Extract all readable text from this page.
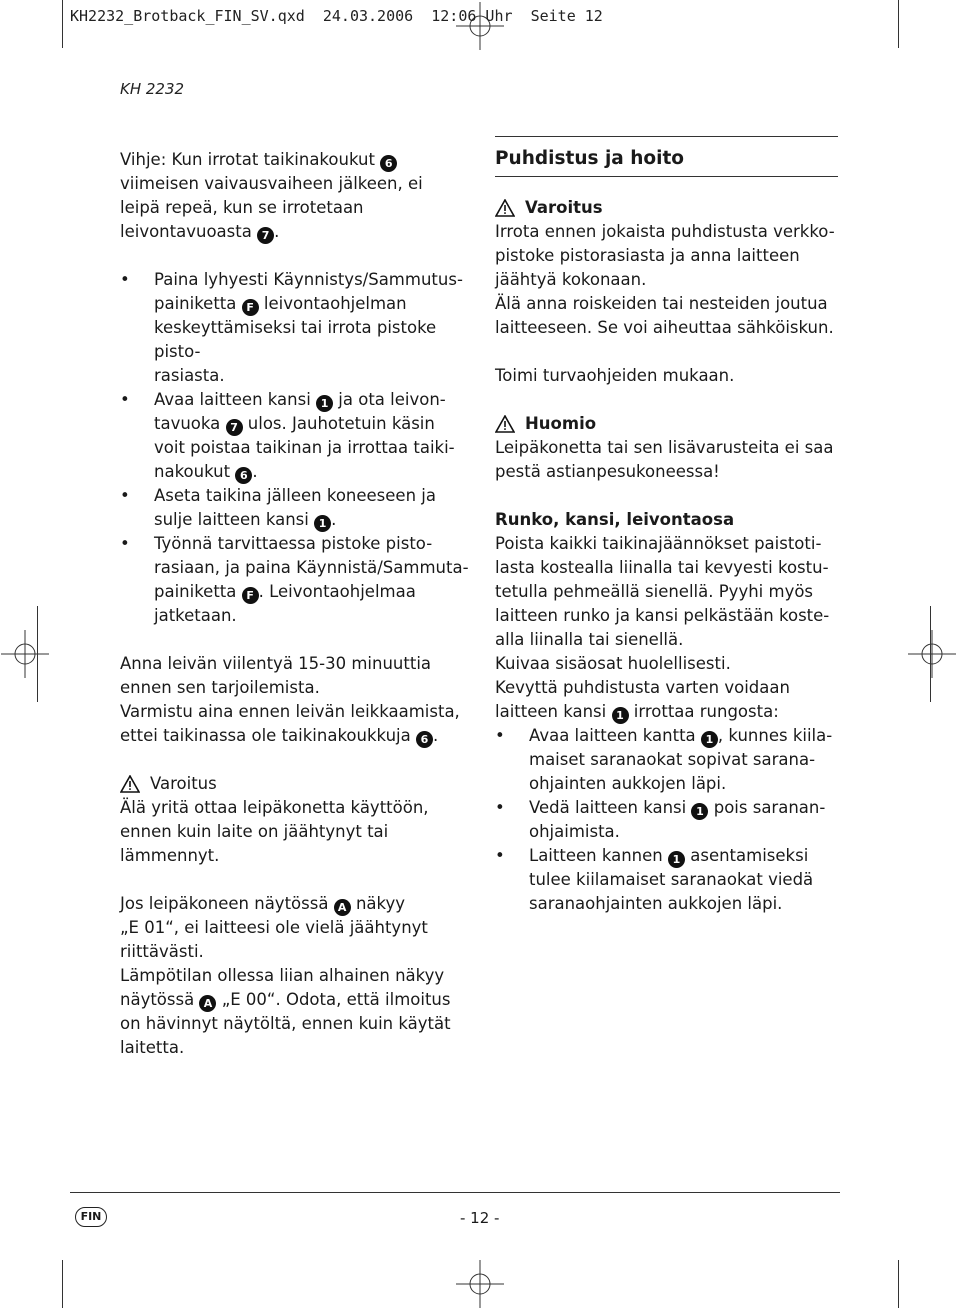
KH2232_Brotback_FIN_SV.qxd  24.03.2006  12:06 Uhr  Seite 12
KH 2232

Vihje: Kun irrotat taikinakoukut 6 viimeisen vaivausvaiheen jälkeen, ei
leipä repeä, kun se irrotetaan
leivontavuoasta 7 .

• Paina lyhyesti Käynnistys/Sammutus-
painiketta F leivontaohjelman
keskeyttämiseksi tai irrota pistoke pisto-
rasiasta.
• Avaa laitteen kansi 1 ja ota leivon-
tavuoka 7 ulos. Jauhotetuin käsin
voit poistaa taikinan ja irrottaa taiki-
nakoukut 6 .
• Aseta taikina jälleen koneeseen ja
sulje laitteen kansi 1 .
• Työnnä tarvittaessa pistoke pisto-
rasiaan, ja paina Käynnistä/Sammuta-
painiketta F . Leivontaohjelmaa
jatketaan.

Anna leivän viilentyä 15-30 minuuttia
ennen sen tarjoilemista.
Varmistu aina ennen leivän leikkaamista,
ettei taikinassa ole taikinakoukkuja 6 .

Varoitus

Älä yritä ottaa leipäkonetta käyttöön,
ennen kuin laite on jäähtynyt tai
lämmennyt.

Jos leipäkoneen näytössä A näkyy
„E 01“, ei laitteesi ole vielä jäähtynyt
riittävästi.
Lämpötilan ollessa liian alhainen näkyy
näytössä A „E 00“. Odota, että ilmoitus
on hävinnyt näytöltä, ennen kuin käytät
laitetta.

Puhdistus ja hoito
Varoitus

Irrota ennen jokaista puhdistusta verkko-
pistoke pistorasiasta ja anna laitteen
jäähtyä kokonaan.
Älä anna roiskeiden tai nesteiden joutua
laitteeseen. Se voi aiheuttaa sähköiskun.

Toimi turvaohjeiden mukaan.

Huomio

Leipäkonetta tai sen lisävarusteita ei saa
pestä astianpesukoneessa!

Runko, kansi, leivontaosa

Poista kaikki taikinajäännökset paistoti-
lasta kostealla liinalla tai kevyesti kostu-
tetulla pehmeällä sienellä. Pyyhi myös
laitteen runko ja kansi pelkästään koste-
alla liinalla tai sienellä.
Kuivaa sisäosat huolellisesti.
Kevyttä puhdistusta varten voidaan
laitteen kansi 1 irrottaa rungosta:

• Avaa laitteen kantta 1 , kunnes kiila-
maiset saranaokat sopivat sarana-
ohjainten aukkojen läpi.
• Vedä laitteen kansi 1 pois saranan-
ohjaimista.
• Laitteen kannen 1 asentamiseksi
tulee kiilamaiset saranaokat viedä
saranaohjainten aukkojen läpi.
FIN	- 12 -
